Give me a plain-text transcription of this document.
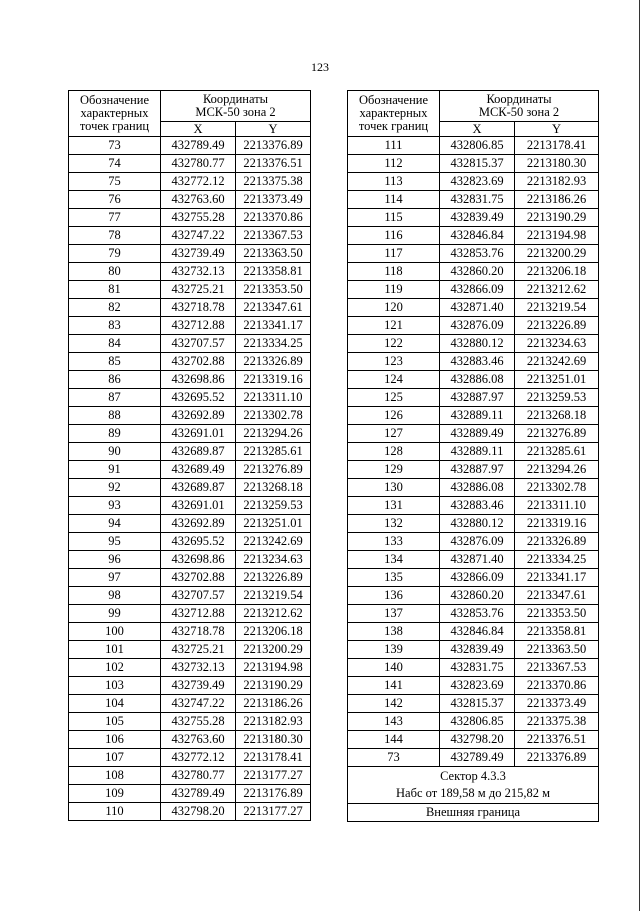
123
Обозначение
характерных
точек границ	Координаты
МСК-50 зона 2	
	X	Y
73	432789.49	2213376.89
74	432780.77	2213376.51
75	432772.12	2213375.38
76	432763.60	2213373.49
77	432755.28	2213370.86
78	432747.22	2213367.53
79	432739.49	2213363.50
80	432732.13	2213358.81
81	432725.21	2213353.50
82	432718.78	2213347.61
83	432712.88	2213341.17
84	432707.57	2213334.25
85	432702.88	2213326.89
86	432698.86	2213319.16
87	432695.52	2213311.10
88	432692.89	2213302.78
89	432691.01	2213294.26
90	432689.87	2213285.61
91	432689.49	2213276.89
92	432689.87	2213268.18
93	432691.01	2213259.53
94	432692.89	2213251.01
95	432695.52	2213242.69
96	432698.86	2213234.63
97	432702.88	2213226.89
98	432707.57	2213219.54
99	432712.88	2213212.62
100	432718.78	2213206.18
101	432725.21	2213200.29
102	432732.13	2213194.98
103	432739.49	2213190.29
104	432747.22	2213186.26
105	432755.28	2213182.93
106	432763.60	2213180.30
107	432772.12	2213178.41
108	432780.77	2213177.27
109	432789.49	2213176.89
110	432798.20	2213177.27
Обозначение
характерных
точек границ	Координаты
МСК-50 зона 2	
	X	Y
111	432806.85	2213178.41
112	432815.37	2213180.30
113	432823.69	2213182.93
114	432831.75	2213186.26
115	432839.49	2213190.29
116	432846.84	2213194.98
117	432853.76	2213200.29
118	432860.20	2213206.18
119	432866.09	2213212.62
120	432871.40	2213219.54
121	432876.09	2213226.89
122	432880.12	2213234.63
123	432883.46	2213242.69
124	432886.08	2213251.01
125	432887.97	2213259.53
126	432889.11	2213268.18
127	432889.49	2213276.89
128	432889.11	2213285.61
129	432887.97	2213294.26
130	432886.08	2213302.78
131	432883.46	2213311.10
132	432880.12	2213319.16
133	432876.09	2213326.89
134	432871.40	2213334.25
135	432866.09	2213341.17
136	432860.20	2213347.61
137	432853.76	2213353.50
138	432846.84	2213358.81
139	432839.49	2213363.50
140	432831.75	2213367.53
141	432823.69	2213370.86
142	432815.37	2213373.49
143	432806.85	2213375.38
144	432798.20	2213376.51
73	432789.49	2213376.89
Сектор 4.3.3
Набс от 189,58 м до 215,82 м		
Внешняя граница		
